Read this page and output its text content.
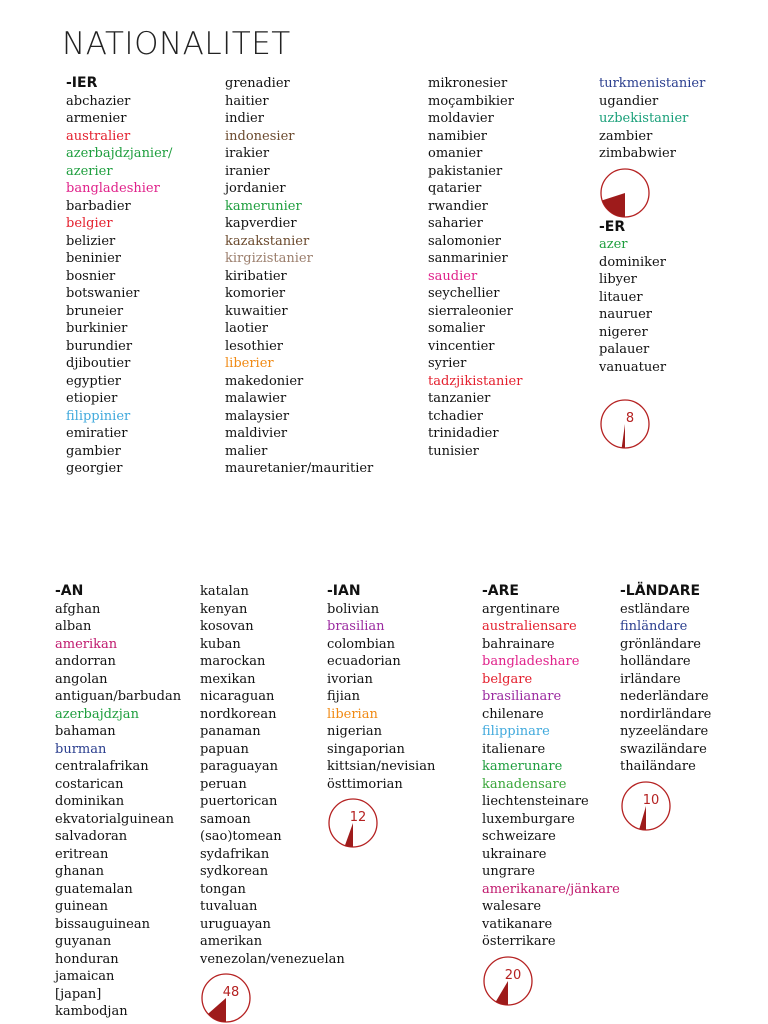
NATIONALITET
-IER
abchazier
armenier
australier
azerbajdzjanier/
azerier
bangladeshier
barbadier
belgier
belizier
beninier
bosnier
botswanier
bruneier
burkinier
burundier
djiboutier
egyptier
etiopier
filippinier
emiratier
gambier
georgier
grenadier
haitier
indier
indonesier
irakier
iranier
jordanier
kamerunier
kapverdier
kazakstanier
kirgizistanier
kiribatier
komorier
kuwaitier
laotier
lesothier
liberier
makedonier
malawier
malaysier
maldivier
malier
mauretanier/mauritier
mikronesier
moçambikier
moldavier
namibier
omanier
pakistanier
qatarier
rwandier
saharier
salomonier
sanmarinier
saudier
seychellier
sierraleonier
somalier
vincentier
syrier
tadzjikistanier
tanzanier
tchadier
trinidadier
tunisier
turkmenistanier
ugandier
uzbekistanier
zambier
zimbabwier
72
-ER
azer
dominiker
libyer
litauer
nauruer
nigerer
palauer
vanuatuer
8
-AN
afghan
alban
amerikan
andorran
angolan
antiguan/barbudan
azerbajdzjan
bahaman
burman
centralafrikan
costarican
dominikan
ekvatorialguinean
salvadoran
eritrean
ghanan
guatemalan
guinean
bissauguinean
guyanan
honduran
jamaican
[japan]
kambodjan
katalan
kenyan
kosovan
kuban
marockan
mexikan
nicaraguan
nordkorean
panaman
papuan
paraguayan
peruan
puertorican
samoan
(sao)tomean
sydafrikan
sydkorean
tongan
tuvaluan
uruguayan
amerikan
venezolan/venezuelan
48
-IAN
bolivian
brasilian
colombian
ecuadorian
ivorian
fijian
liberian
nigerian
singaporian
kittsian/nevisian
östtimorian
12
-ARE
argentinare
australiensare
bahrainare
bangladeshare
belgare
brasilianare
chilenare
filippinare
italienare
kamerunare
kanadensare
liechtensteinare
luxemburgare
schweizare
ukrainare
ungrare
amerikanare/jänkare
walesare
vatikanare
österrikare
20
-LÄNDARE
estländare
finländare
grönländare
holländare
irländare
nederländare
nordirländare
nyzeeländare
swaziländare
thailändare
10
